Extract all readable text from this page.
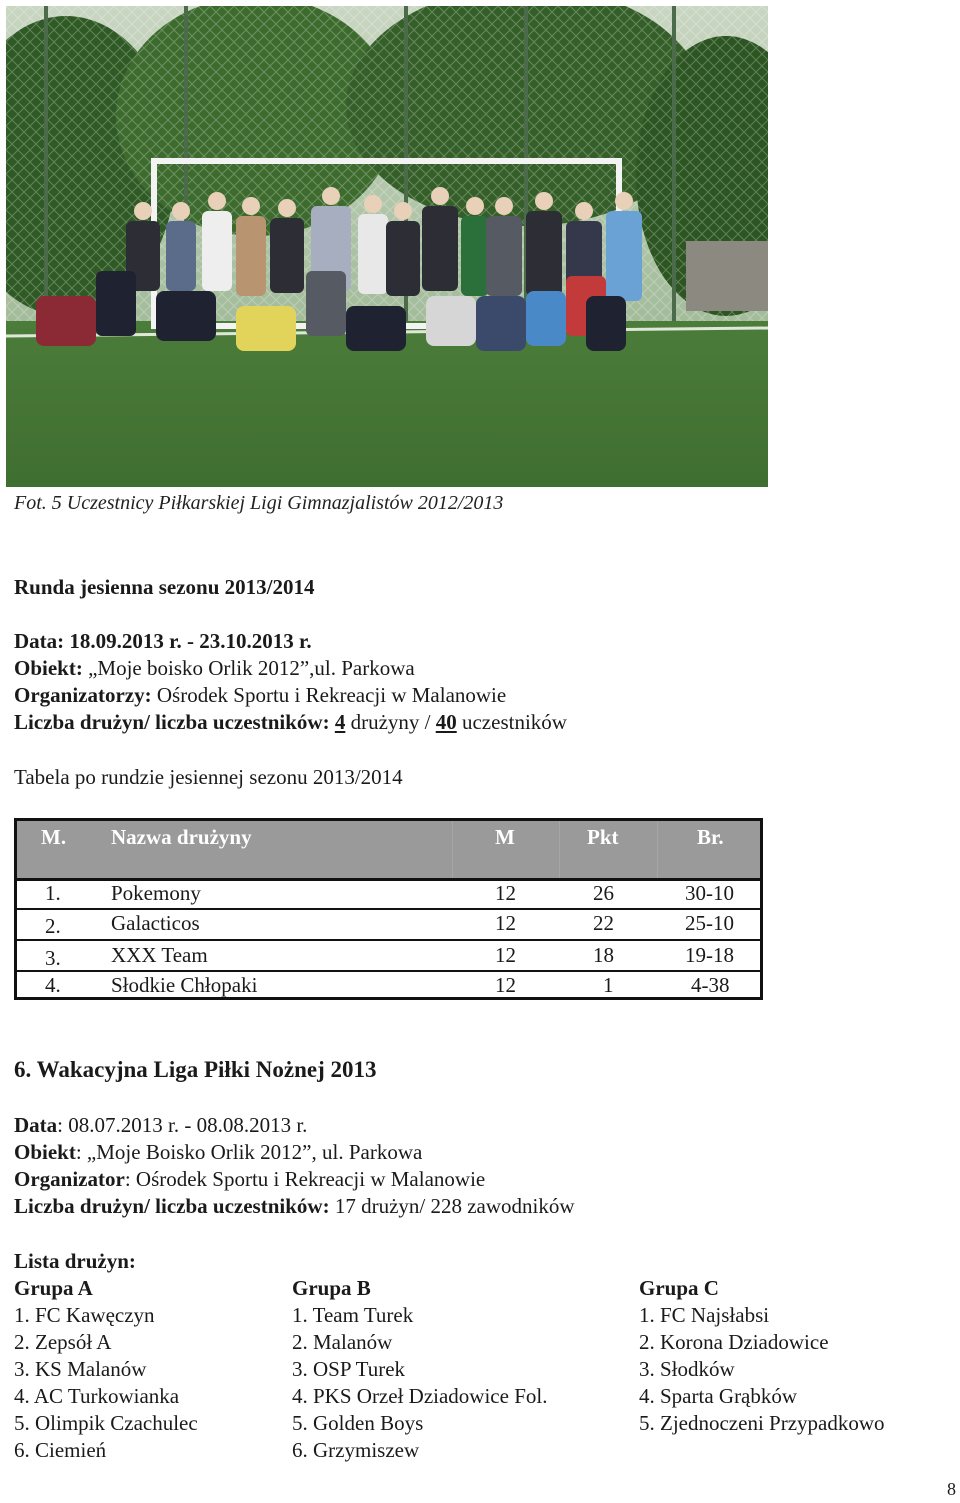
Fot. 5 Uczestnicy Piłkarskiej Ligi Gimnazjalistów 2012/2013
Runda jesienna sezonu 2013/2014
Data: 18.09.2013 r. - 23.10.2013 r.
Obiekt: „Moje boisko Orlik 2012”,ul. Parkowa
Organizatorzy: Ośrodek Sportu i Rekreacji w Malanowie
Liczba drużyn/ liczba uczestników: 4 drużyny / 40 uczestników
Tabela po rundzie jesiennej sezonu 2013/2014
M. Nazwa drużyny	M	Pkt	Br.
1. Pokemony	12	26	30-10
2. Galacticos	12	22	25-10
3. XXX Team	12	18	19-18
4. Słodkie Chłopaki	12	1	4-38
6. Wakacyjna Liga Piłki Nożnej 2013
Data: 08.07.2013 r. - 08.08.2013 r.
Obiekt: „Moje Boisko Orlik 2012”, ul. Parkowa
Organizator: Ośrodek Sportu i Rekreacji w Malanowie
Liczba drużyn/ liczba uczestników: 17 drużyn/ 228 zawodników
Lista drużyn:
Grupa A
1. FC Kawęczyn
2. Zepsół A
3. KS Malanów
4. AC Turkowianka
5. Olimpik Czachulec
6. Ciemień
Grupa B
1. Team Turek
2. Malanów
3. OSP Turek
4. PKS Orzeł Dziadowice Fol.
5. Golden Boys
6. Grzymiszew
Grupa C
1. FC Najsłabsi
2. Korona Dziadowice
3. Słodków
4. Sparta Grąbków
5. Zjednoczeni Przypadkowo
8
